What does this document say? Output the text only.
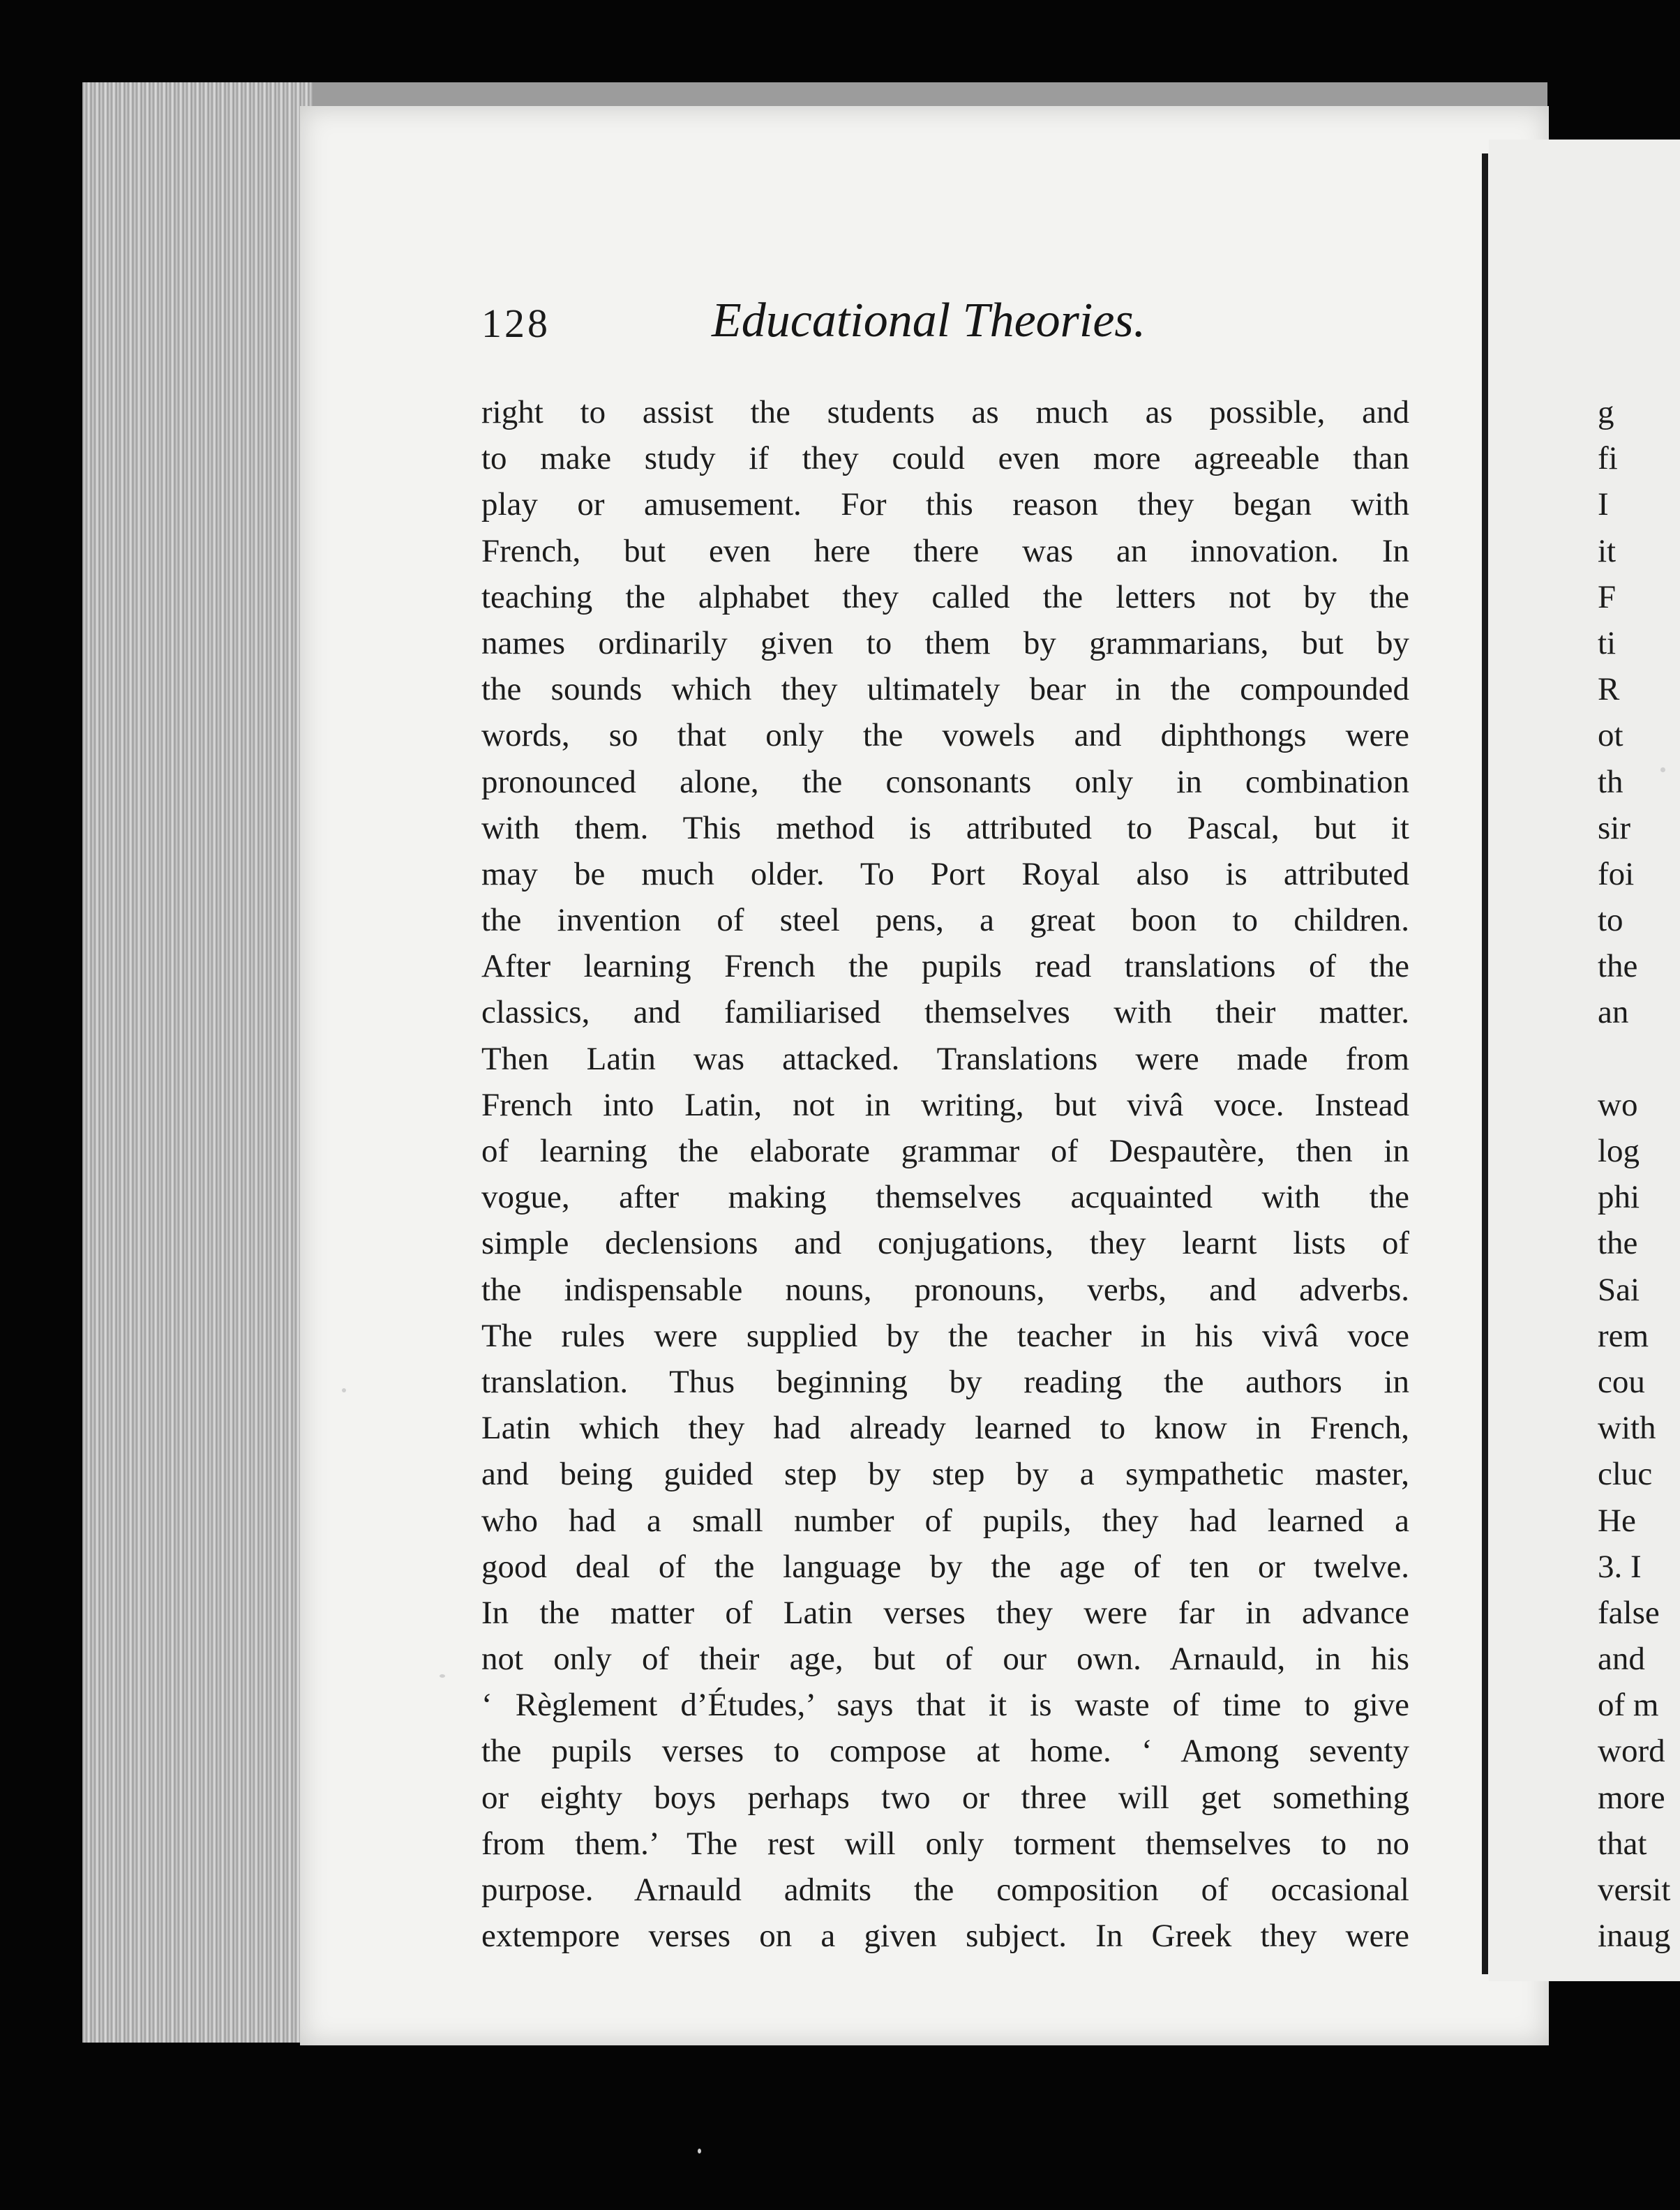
128	Educational Theories.
right to assist the students as much as possible, and
to make study if they could even more agreeable than
play or amusement. For this reason they began with
French, but even here there was an innovation. In
teaching the alphabet they called the letters not by the
names ordinarily given to them by grammarians, but by
the sounds which they ultimately bear in the compounded
words, so that only the vowels and diphthongs were
pronounced alone, the consonants only in combination
with them. This method is attributed to Pascal, but it
may be much older. To Port Royal also is attributed
the invention of steel pens, a great boon to children.
After learning French the pupils read translations of the
classics, and familiarised themselves with their matter.
Then Latin was attacked. Translations were made from
French into Latin, not in writing, but vivâ voce. Instead
of learning the elaborate grammar of Despautère, then in
vogue, after making themselves acquainted with the
simple declensions and conjugations, they learnt lists of
the indispensable nouns, pronouns, verbs, and adverbs.
The rules were supplied by the teacher in his vivâ voce
translation. Thus beginning by reading the authors in
Latin which they had already learned to know in French,
and being guided step by step by a sympathetic master,
who had a small number of pupils, they had learned a
good deal of the language by the age of ten or twelve.
In the matter of Latin verses they were far in advance
not only of their age, but of our own. Arnauld, in his
‘ Règlement d’Études,’ says that it is waste of time to give
the pupils verses to compose at home. ‘ Among seventy
or eighty boys perhaps two or three will get something
from them.’ The rest will only torment themselves to no
purpose. Arnauld admits the composition of occasional
extempore verses on a given subject. In Greek they were
g
fi
I
it
F
ti
R
ot
th
sir
foi
to
the
an
wo
log
phi
the
Sai
rem
cou
with
cluc
He
3. I
false
and
of m
word
more
that
versit
inaug
